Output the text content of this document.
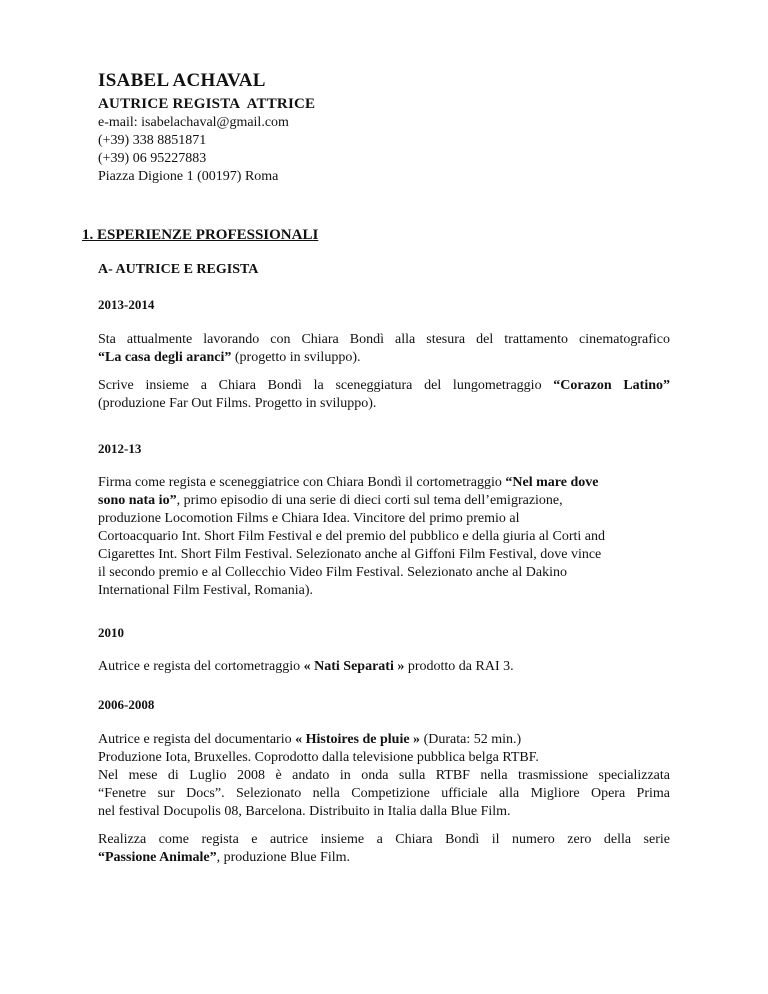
ISABEL ACHAVAL
AUTRICE REGISTA  ATTRICE
e-mail: isabelachaval@gmail.com
(+39) 338 8851871
(+39) 06 95227883
Piazza Digione 1 (00197) Roma
1. ESPERIENZE PROFESSIONALI
A- AUTRICE E REGISTA
2013-2014
Sta attualmente lavorando con Chiara Bondì alla stesura del trattamento cinematografico
“La casa degli aranci” (progetto in sviluppo).
Scrive insieme a Chiara Bondì la sceneggiatura del lungometraggio “Corazon Latino”
(produzione Far Out Films. Progetto in sviluppo).
2012-13
Firma come regista e sceneggiatrice con Chiara Bondì il cortometraggio “Nel mare dove
sono nata io”, primo episodio di una serie di dieci corti sul tema dell’emigrazione,
produzione Locomotion Films e Chiara Idea. Vincitore del primo premio al
Cortoacquario Int. Short Film Festival e del premio del pubblico e della giuria al Corti and
Cigarettes Int. Short Film Festival. Selezionato anche al Giffoni Film Festival, dove vince
il secondo premio e al Collecchio Video Film Festival. Selezionato anche al Dakino
International Film Festival, Romania).
2010
Autrice e regista del cortometraggio « Nati Separati » prodotto da RAI 3.
2006-2008
Autrice e regista del documentario « Histoires de pluie » (Durata: 52 min.)
Produzione Iota, Bruxelles. Coprodotto dalla televisione pubblica belga RTBF.
Nel mese di Luglio 2008 è andato in onda sulla RTBF nella trasmissione specializzata
“Fenetre sur Docs”. Selezionato nella Competizione ufficiale alla Migliore Opera Prima
nel festival Docupolis 08, Barcelona. Distribuito in Italia dalla Blue Film.
Realizza come regista e autrice insieme a Chiara Bondì il numero zero della serie
“Passione Animale”, produzione Blue Film.
